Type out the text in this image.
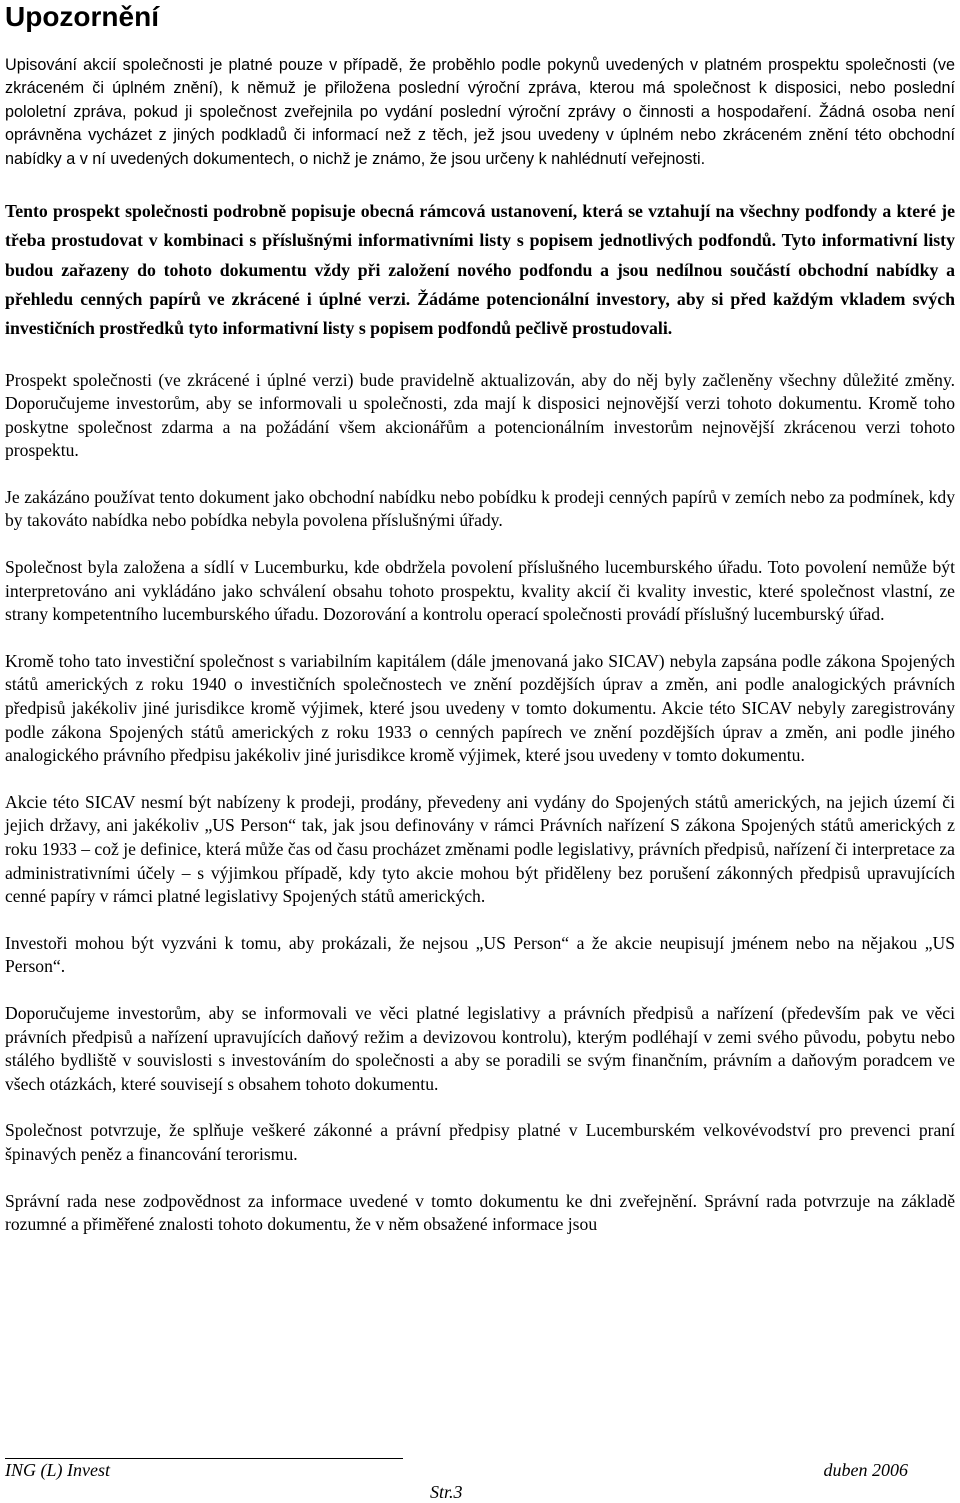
Upozornění

Upisování akcií společnosti je platné pouze v případě, že proběhlo podle pokynů uvedených v platném prospektu společnosti (ve zkráceném či úplném znění), k němuž je přiložena poslední výroční zpráva, kterou má společnost k disposici, nebo poslední pololetní zpráva, pokud ji společnost zveřejnila po vydání poslední výroční zprávy o činnosti a hospodaření. Žádná osoba není oprávněna vycházet z jiných podkladů či informací než z těch, jež jsou uvedeny v úplném nebo zkráceném znění této obchodní nabídky a v ní uvedených dokumentech, o nichž je známo, že jsou určeny k nahlédnutí veřejnosti.

Tento prospekt společnosti podrobně popisuje obecná rámcová ustanovení, která se vztahují na všechny podfondy a které je třeba prostudovat v kombinaci s příslušnými informativními listy s popisem jednotlivých podfondů. Tyto informativní listy budou zařazeny do tohoto dokumentu vždy při založení nového podfondu a jsou nedílnou součástí obchodní nabídky a přehledu cenných papírů ve zkrácené i úplné verzi. Žádáme potencionální investory, aby si před každým vkladem svých investičních prostředků tyto informativní listy s popisem podfondů pečlivě prostudovali.

Prospekt společnosti (ve zkrácené i úplné verzi) bude pravidelně aktualizován, aby do něj byly začleněny všechny důležité změny. Doporučujeme investorům, aby se informovali u společnosti, zda mají k disposici nejnovější verzi tohoto dokumentu. Kromě toho poskytne společnost zdarma a na požádání všem akcionářům a potencionálním investorům nejnovější zkrácenou verzi tohoto prospektu.

Je zakázáno používat tento dokument jako obchodní nabídku nebo pobídku k prodeji cenných papírů v zemích nebo za podmínek, kdy by takováto nabídka nebo pobídka nebyla povolena příslušnými úřady.

Společnost byla založena a sídlí v Lucemburku, kde obdržela povolení příslušného lucemburského úřadu. Toto povolení nemůže být interpretováno ani vykládáno jako schválení obsahu tohoto prospektu, kvality akcií či kvality investic, které společnost vlastní, ze strany kompetentního lucemburského úřadu. Dozorování a kontrolu operací společnosti provádí příslušný lucemburský úřad.

Kromě toho tato investiční společnost s variabilním kapitálem (dále jmenovaná jako SICAV) nebyla zapsána podle zákona Spojených států amerických z roku 1940 o investičních společnostech ve znění pozdějších úprav a změn, ani podle analogických právních předpisů jakékoliv jiné jurisdikce kromě výjimek, které jsou uvedeny v tomto dokumentu. Akcie této SICAV nebyly zaregistrovány podle zákona Spojených států amerických z roku 1933 o cenných papírech ve znění pozdějších úprav a změn, ani podle jiného analogického právního předpisu jakékoliv jiné jurisdikce kromě výjimek, které jsou uvedeny v tomto dokumentu.

Akcie této SICAV nesmí být nabízeny k prodeji, prodány, převedeny ani vydány do Spojených států amerických, na jejich území či jejich državy, ani jakékoliv „US Person“ tak, jak jsou definovány v rámci Právních nařízení S zákona Spojených států amerických z roku 1933 – což je definice, která může čas od času procházet změnami podle legislativy, právních předpisů, nařízení či interpretace za administrativními účely – s výjimkou případě, kdy tyto akcie mohou být přiděleny bez porušení zákonných předpisů upravujících cenné papíry v rámci platné legislativy Spojených států amerických.

Investoři mohou být vyzváni k tomu, aby prokázali, že nejsou „US Person“ a že akcie neupisují jménem nebo na nějakou „US Person“.

Doporučujeme investorům, aby se informovali ve věci platné legislativy a právních předpisů a nařízení (především pak ve věci právních předpisů a nařízení upravujících daňový režim a devizovou kontrolu), kterým podléhají v zemi svého původu, pobytu nebo stálého bydliště v souvislosti s investováním do společnosti a aby se poradili se svým finančním, právním a daňovým poradcem ve všech otázkách, které souvisejí s obsahem tohoto dokumentu.

Společnost potvrzuje, že splňuje veškeré zákonné a právní předpisy platné v Lucemburském velkovévodství pro prevenci praní špinavých peněz a financování terorismu.

Správní rada nese zodpovědnost za informace uvedené v tomto dokumentu ke dni zveřejnění. Správní rada potvrzuje na základě rozumné a přiměřené znalosti tohoto dokumentu, že v něm obsažené informace jsou

ING (L) Invest	duben 2006
Str.3
